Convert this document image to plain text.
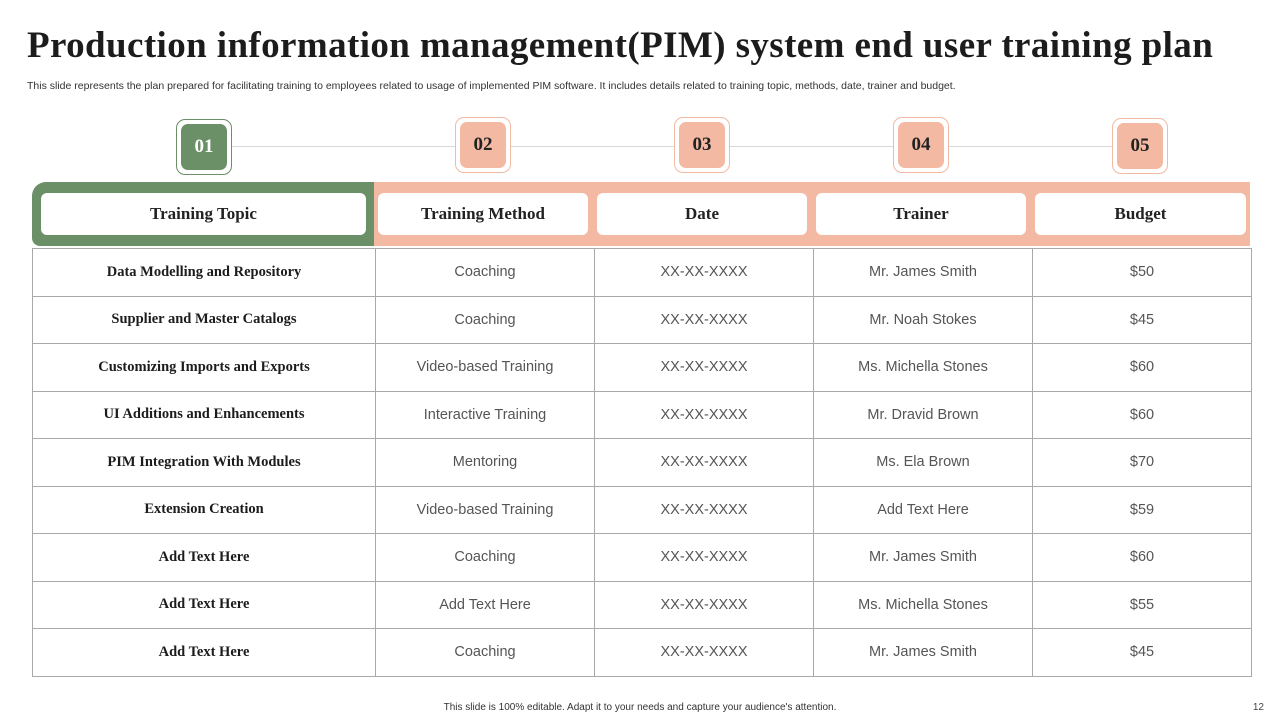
Production information management(PIM) system end user training plan
This slide represents the plan prepared for facilitating training to employees related to usage of implemented PIM software. It includes details related to training topic, methods, date, trainer and budget.
01	02	03	04	05
Training Topic	Training Method	Date	Trainer	Budget
Data Modelling and Repository	Coaching	XX-XX-XXXX	Mr. James Smith	$50
Supplier and Master Catalogs	Coaching	XX-XX-XXXX	Mr. Noah Stokes	$45
Customizing Imports and Exports	Video-based Training	XX-XX-XXXX	Ms. Michella Stones	$60
UI Additions and Enhancements	Interactive Training	XX-XX-XXXX	Mr. Dravid Brown	$60
PIM Integration With Modules	Mentoring	XX-XX-XXXX	Ms. Ela Brown	$70
Extension Creation	Video-based Training	XX-XX-XXXX	Add Text Here	$59
Add Text Here	Coaching	XX-XX-XXXX	Mr. James Smith	$60
Add Text Here	Add Text Here	XX-XX-XXXX	Ms. Michella Stones	$55
Add Text Here	Coaching	XX-XX-XXXX	Mr. James Smith	$45
This slide is 100% editable. Adapt it to your needs and capture your audience's attention.	12
